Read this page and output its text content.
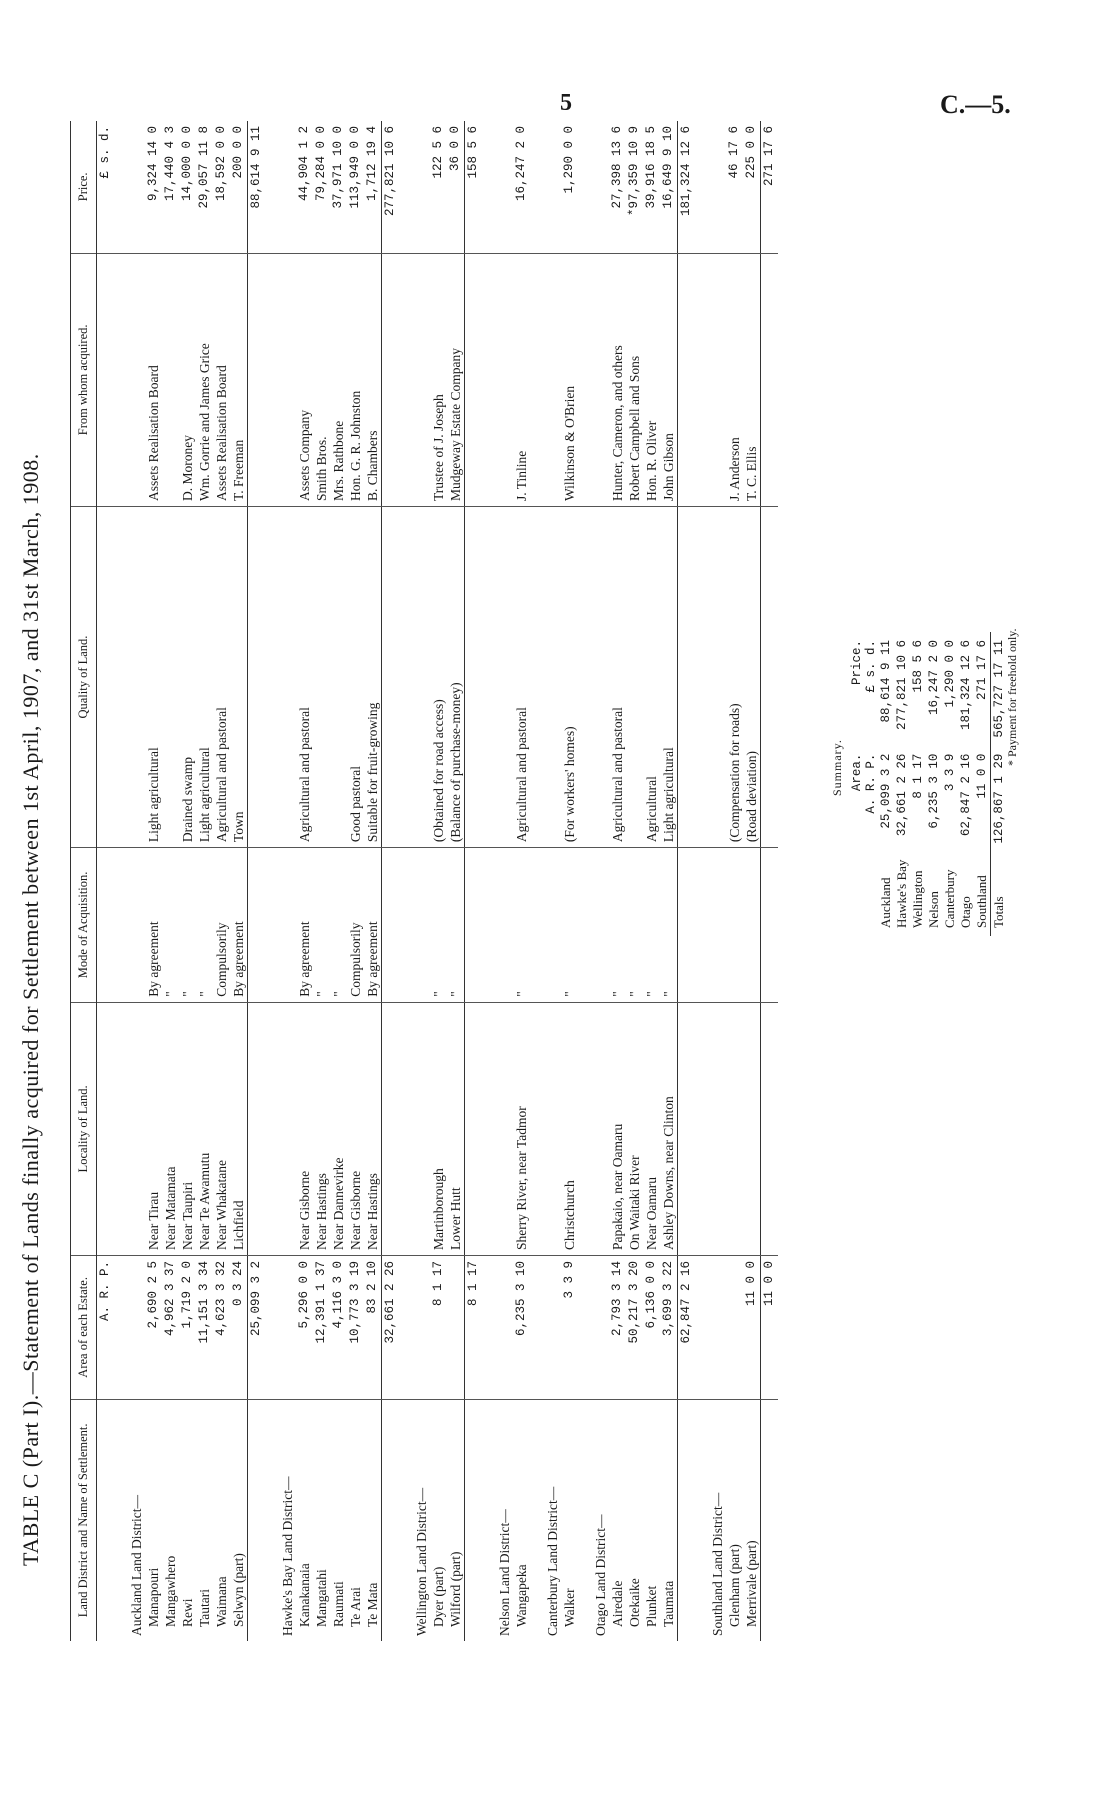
5	C.—5.
TABLE C (Part I).—Statement of Lands finally acquired for Settlement between 1st April, 1907, and 31st March, 1908.	Land District and Name of Settlement.	Area of each Estate.	Locality of Land.	Mode of Acquisition.	Quality of Land.	From whom acquired.	Price.
	A. R. P.					£ s. d.
Auckland Land District—						
Manapouri	2,690 2 5	Near Tirau	By agreement	Light agricultural	Assets Realisation Board	9,324 14 0
Mangawhero	4,962 3 37	Near Matamata	"			17,440 4 3
Rewi	1,719 2 0	Near Taupiri	"	Drained swamp	D. Moroney	14,000 0 0
Tautari	11,151 3 34	Near Te Awamutu	"	Light agricultural	Wm. Gorrie and James Grice	29,057 11 8
Waimana	4,623 3 32	Near Whakatane	Compulsorily	Agricultural and pastoral	Assets Realisation Board	18,592 0 0
Selwyn (part)	0 3 24	Lichfield	By agreement	Town	T. Freeman	200 0 0
	25,099 3 2					88,614 9 11
Hawke's Bay Land District—						
Kanakanaia	5,296 0 0	Near Gisborne	By agreement	Agricultural and pastoral	Assets Company	44,904 1 2
Mangatahi	12,391 1 37	Near Hastings	"		Smith Bros.	79,284 0 0
Raumati	4,116 3 0	Near Dannevirke	"		Mrs. Rathbone	37,971 10 0
Te Arai	10,773 3 19	Near Gisborne	Compulsorily	Good pastoral	Hon. G. R. Johnston	113,949 0 0
Te Mata	83 2 10	Near Hastings	By agreement	Suitable for fruit-growing	B. Chambers	1,712 19 4
	32,661 2 26					277,821 10 6
Wellington Land District—						
Dyer (part)	8 1 17	Martinborough	"	(Obtained for road access)	Trustee of J. Joseph	122 5 6
Wilford (part)		Lower Hutt	"	(Balance of purchase-money)	Mudgeway Estate Company	36 0 0
	8 1 17					158 5 6
Nelson Land District—						
Wangapeka	6,235 3 10	Sherry River, near Tadmor	"	Agricultural and pastoral	J. Tinline	16,247 2 0
Canterbury Land District—						
Walker	3 3 9	Christchurch	"	(For workers' homes)	Wilkinson & O'Brien	1,290 0 0
Otago Land District—						
Airedale	2,793 3 14	Papakaio, near Oamaru	"	Agricultural and pastoral	Hunter, Cameron, and others	27,398 13 6
Otekaike	50,217 3 20	On Waitaki River	"		Robert Campbell and Sons	*97,359 10 9
Plunket	6,136 0 0	Near Oamaru	"	Agricultural	Hon. R. Oliver	39,916 18 5
Taumata	3,699 3 22	Ashley Downs, near Clinton	"	Light agricultural	John Gibson	16,649 9 10
	62,847 2 16					181,324 12 6
Southland Land District—						
Glenham (part)				(Compensation for roads)	J. Anderson	46 17 6
Merrivale (part)	11 0 0			(Road deviation)	T. C. Ellis	225 0 0
	11 0 0					271 17 6
Summary.
	Area.	Price.
	A. R. P.	£ s. d.
Auckland	25,099 3 2	88,614 9 11
Hawke's Bay	32,661 2 26	277,821 10 6
Wellington	8 1 17	158 5 6
Nelson	6,235 3 10	16,247 2 0
Canterbury	3 3 9	1,290 0 0
Otago	62,847 2 16	181,324 12 6
Southland	11 0 0	271 17 6
Totals	126,867 1 29	565,727 17 11 * Payment for freehold only.
